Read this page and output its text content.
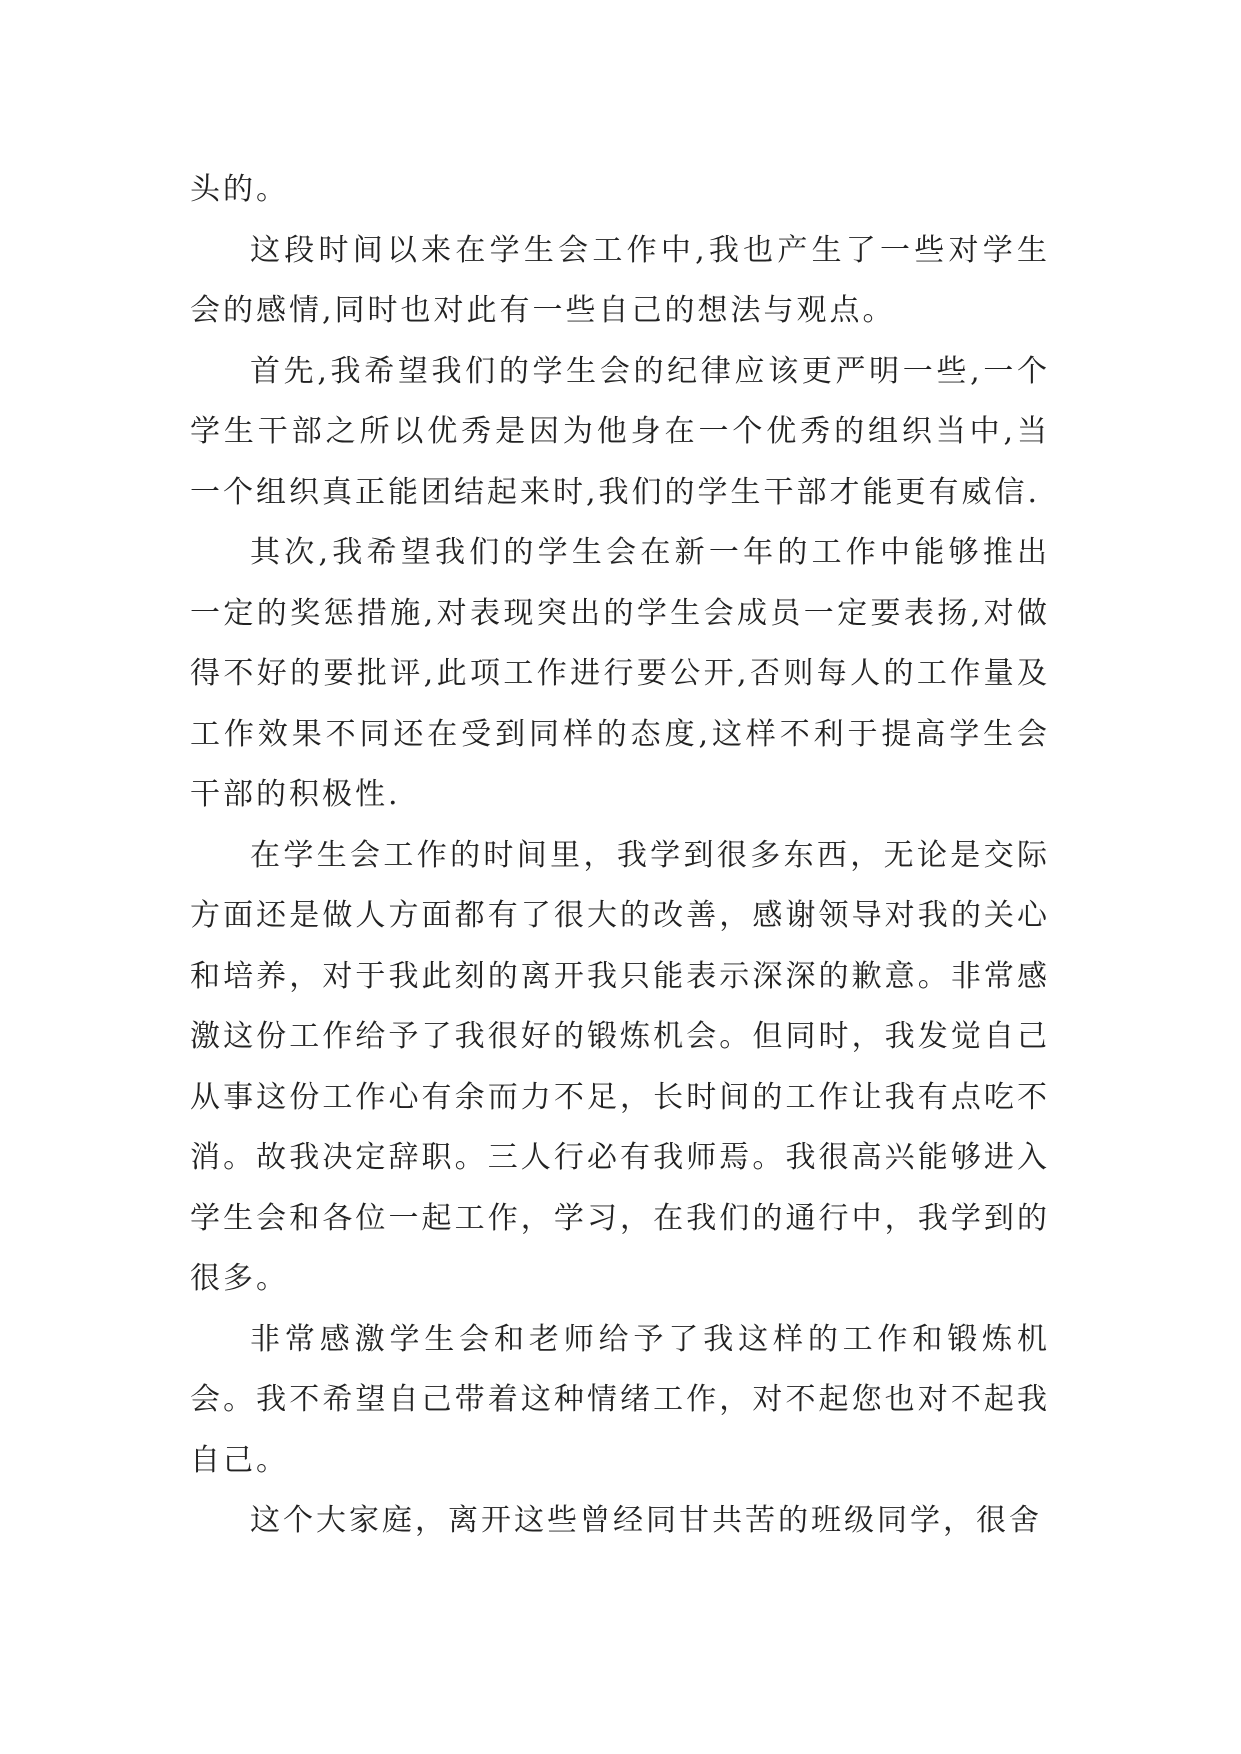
头的。

这段时间以来在学生会工作中,我也产生了一些对学生会的感情,同时也对此有一些自己的想法与观点。

首先,我希望我们的学生会的纪律应该更严明一些,一个学生干部之所以优秀是因为他身在一个优秀的组织当中,当一个组织真正能团结起来时,我们的学生干部才能更有威信.

其次,我希望我们的学生会在新一年的工作中能够推出一定的奖惩措施,对表现突出的学生会成员一定要表扬,对做得不好的要批评,此项工作进行要公开,否则每人的工作量及工作效果不同还在受到同样的态度,这样不利于提高学生会干部的积极性.

在学生会工作的时间里，我学到很多东西，无论是交际方面还是做人方面都有了很大的改善，感谢领导对我的关心和培养，对于我此刻的离开我只能表示深深的歉意。非常感激这份工作给予了我很好的锻炼机会。但同时，我发觉自己从事这份工作心有余而力不足，长时间的工作让我有点吃不消。故我决定辞职。三人行必有我师焉。我很高兴能够进入学生会和各位一起工作，学习，在我们的通行中，我学到的很多。

非常感激学生会和老师给予了我这样的工作和锻炼机会。我不希望自己带着这种情绪工作，对不起您也对不起我自己。

这个大家庭，离开这些曾经同甘共苦的班级同学，很舍
